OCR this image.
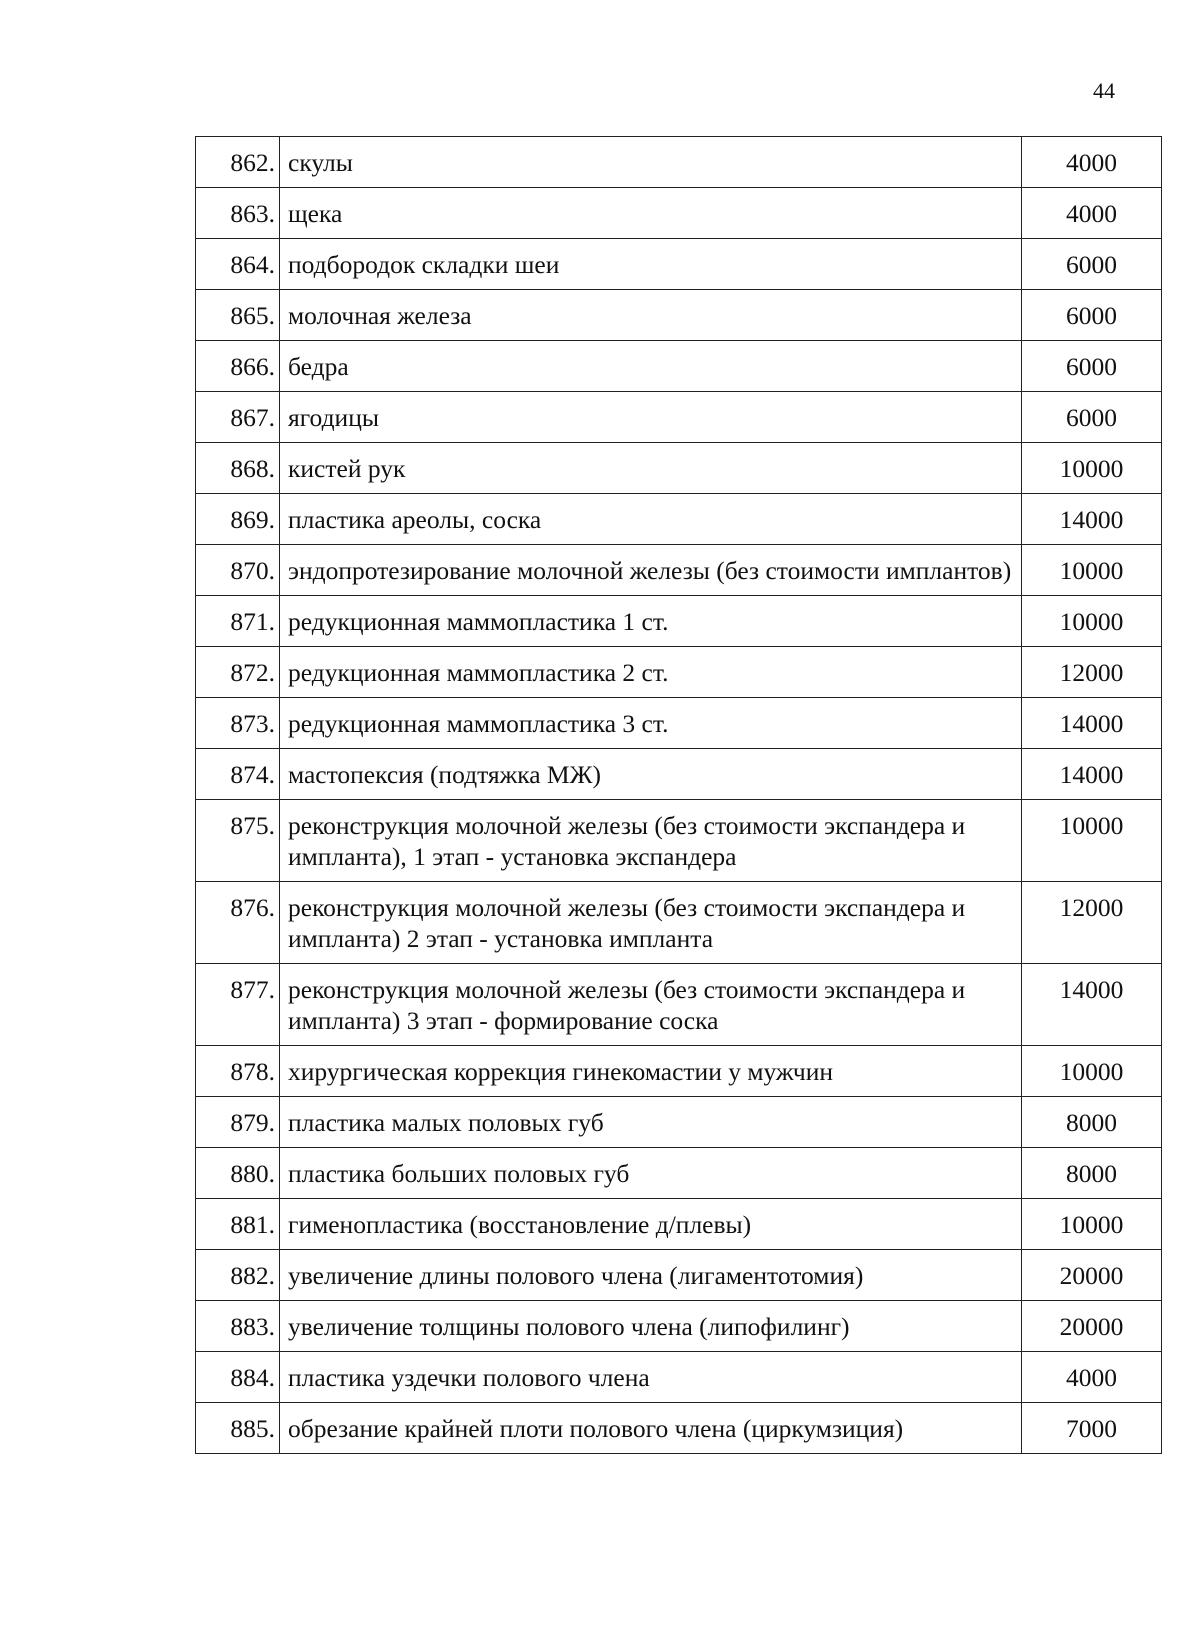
44
862.	скулы	4000
863.	щека	4000
864.	подбородок складки шеи	6000
865.	молочная железа	6000
866.	бедра	6000
867.	ягодицы	6000
868.	кистей рук	10000
869.	пластика ареолы, соска	14000
870.	эндопротезирование молочной железы (без стоимости имплантов)	10000
871.	редукционная маммопластика 1 ст.	10000
872.	редукционная маммопластика 2 ст.	12000
873.	редукционная маммопластика 3 ст.	14000
874.	мастопексия (подтяжка МЖ)	14000
875.	реконструкция молочной железы (без стоимости экспандера и импланта), 1 этап - установка экспандера	10000
876.	реконструкция молочной железы (без стоимости экспандера и импланта) 2 этап - установка импланта	12000
877.	реконструкция молочной железы (без стоимости экспандера и импланта) 3 этап - формирование соска	14000
878.	хирургическая коррекция гинекомастии у мужчин	10000
879.	пластика малых половых губ	8000
880.	пластика больших половых губ	8000
881.	гименопластика (восстановление д/плевы)	10000
882.	увеличение длины полового члена (лигаментотомия)	20000
883.	увеличение толщины полового члена (липофилинг)	20000
884.	пластика уздечки полового члена	4000
885.	обрезание крайней плоти полового члена (циркумзиция)	7000
